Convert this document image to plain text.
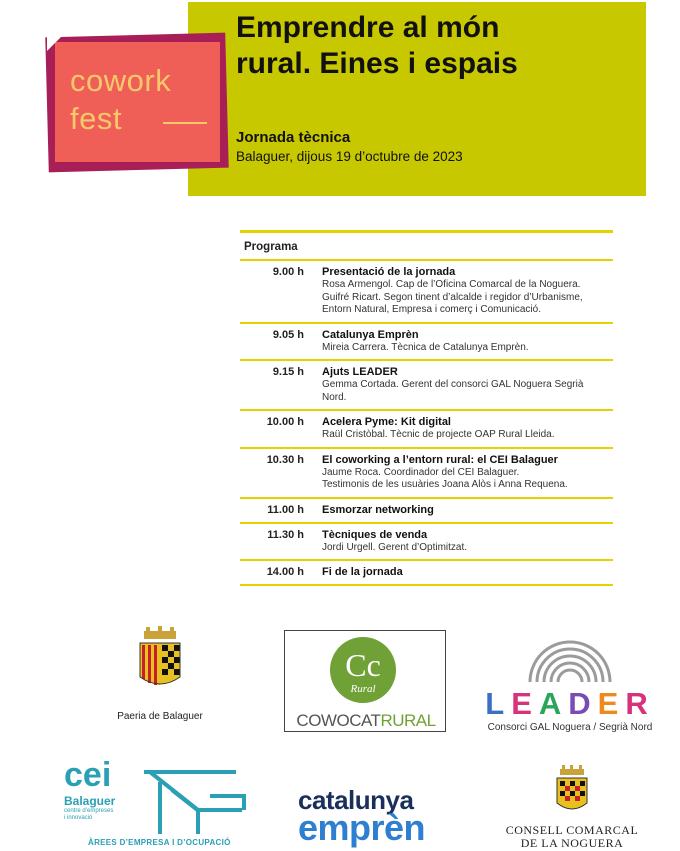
Emprendre al món
rural. Eines i espais
Jornada tècnica
Balaguer, dijous 19 d’octubre de 2023
cowork
fest
Programa
9.00 h Presentació de la jornada
Rosa Armengol. Cap de l’Oficina Comarcal de la Noguera.
Guifré Ricart. Segon tinent d’alcalde i regidor d’Urbanisme,
Entorn Natural, Empresa i comerç i Comunicació.
9.05 h Catalunya Emprèn
Mireia Carrera. Tècnica de Catalunya Emprèn.
9.15 h Ajuts LEADER
Gemma Cortada. Gerent del consorci GAL Noguera Segrià
Nord.
10.00 h Acelera Pyme: Kit digital
Raül Cristòbal. Tècnic de projecte OAP Rural Lleida.
10.30 h El coworking a l’entorn rural: el CEI Balaguer
Jaume Roca. Coordinador del CEI Balaguer.
Testimonis de les usuàries Joana Alòs i Anna Requena.
11.00 h Esmorzar networking
11.30 h Tècniques de venda
Jordi Urgell. Gerent d’Optimitzat.
14.00 h Fi de la jornada
Paeria de Balaguer
Cc
Rural
COWOCATRURAL LEADER
Consorci GAL Noguera / Segrià Nord
cei
Balaguer
centre d’empreses
i innovació
ÀREES D’EMPRESA I D’OCUPACIÓ
catalunya
emprèn	CONSELL COMARCAL
DE LA NOGUERA
